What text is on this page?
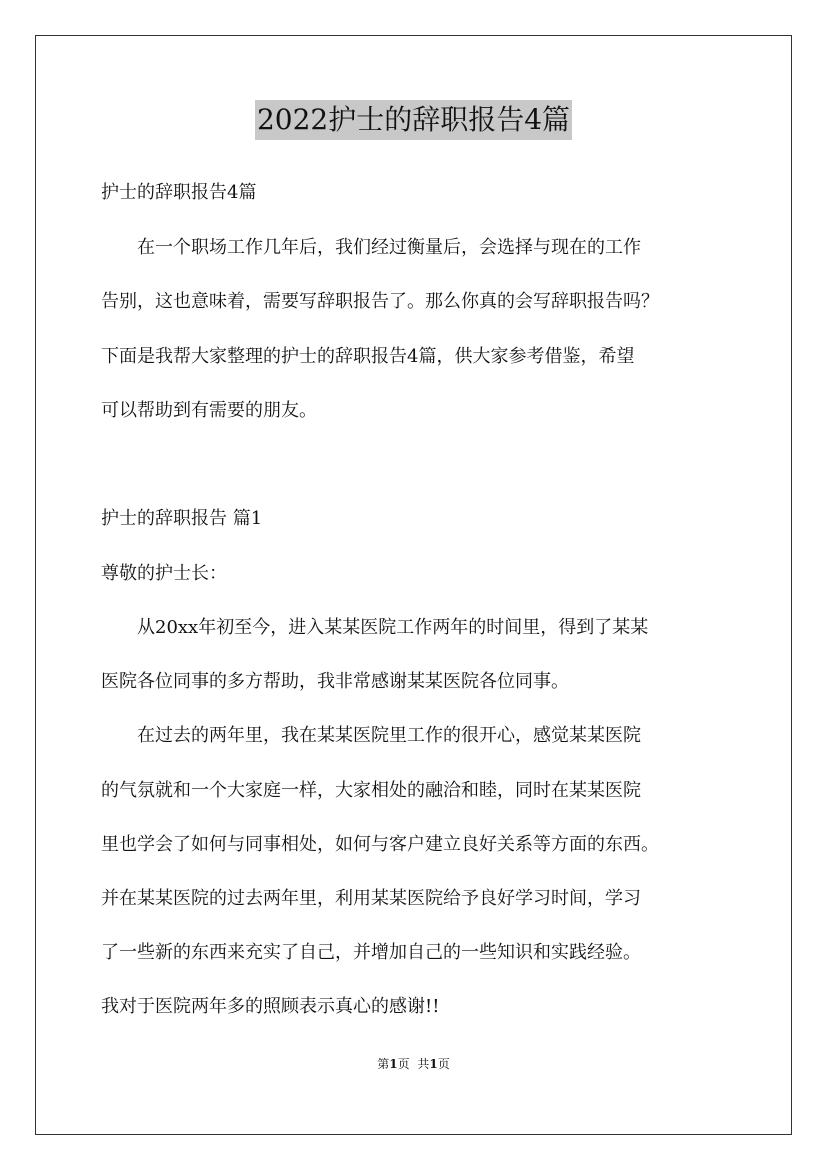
2022护士的辞职报告4篇
护士的辞职报告4篇
　　在一个职场工作几年后，我们经过衡量后，会选择与现在的工作
告别，这也意味着，需要写辞职报告了。那么你真的会写辞职报告吗？
下面是我帮大家整理的护士的辞职报告4篇，供大家参考借鉴，希望
可以帮助到有需要的朋友。
护士的辞职报告 篇1
尊敬的护士长：
　　从20xx年初至今，进入某某医院工作两年的时间里，得到了某某
医院各位同事的多方帮助，我非常感谢某某医院各位同事。
　　在过去的两年里，我在某某医院里工作的很开心，感觉某某医院
的气氛就和一个大家庭一样，大家相处的融洽和睦，同时在某某医院
里也学会了如何与同事相处，如何与客户建立良好关系等方面的东西。
并在某某医院的过去两年里，利用某某医院给予良好学习时间，学习
了一些新的东西来充实了自己，并增加自己的一些知识和实践经验。
我对于医院两年多的照顾表示真心的感谢!!
第1页 共1页
